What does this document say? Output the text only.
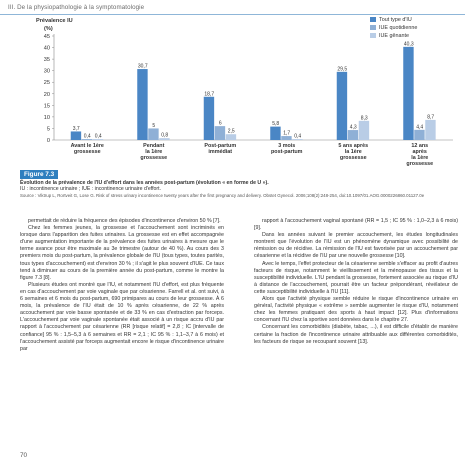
III. De la physiopathologie à la symptomatologie
Prévalence IU
(%)
0
5
10
15
20
25
30
35
40
45
3,7
0,4 0,4
Avant le 1ère
grossesse
30,7
5
0,8
Pendant
la 1ère
grossesse
18,7
6
2,5
Post-partum
immédiat
5,8
1,7
0,4
3 mois
post-partum
29,5
4,3
8,3
5 ans après
la 1ère
grossesse
40,3
4,4
8,7
12 ans
après
la 1ère
grossesse
Tout type d'IU
IUE quotidienne
IUE gênante
Figure 7.3
Évolution de la prévalence de l'IU d'effort dans les années post-partum (évolution « en forme de U »).
IU : incontinence urinaire ; IUE : incontinence urinaire d'effort.
Source : Viktrup L, Rortveit G, Lose G. Risk of stress urinary incontinence twenty years after the first pregnancy and delivery. Obstet Gynecol. 2006;108(2):248-254, doi:10.1097/01.AOG.0000226860.01127.0e

permettait de réduire la fréquence des épisodes d'incontinence d'environ 50 % [7].

Chez les femmes jeunes, la grossesse et l'accouchement sont incriminés en lorsque dans l'apparition des fuites urinaires. La grossesse est en effet accompagnée d'une augmentation importante de la prévalence des fuites urinaires à mesure que le terme avance pour être maximale au 3e trimestre (autour de 40 %). Au cours des 3 premiers mois du post-partum, la prévalence globale de l'IU (tous types, toutes parités, tous types d'accouchement) est d'environ 30 % ; il s'agit le plus souvent d'IUE. Ce taux tend à diminuer au cours de la première année du post-partum, comme le montre la figure 7.3 [8].

Plusieurs études ont montré que l'IU, et notamment l'IU d'effort, est plus fréquente en cas d'accouchement par voie vaginale que par césarienne. Farrell et al. ont suivi, à 6 semaines et 6 mois du post-partum, 690 primipares au cours de leur grossesse. À 6 mois, la prévalence de l'IU était de 10 % après césarienne, de 22 % après accouchement par voie basse spontanée et de 33 % en cas d'extraction par forceps. L'accouchement par voie vaginale spontanée était associé à un risque accru d'IU par rapport à l'accouchement par césarienne (RR [risque relatif] = 2,8 ; IC [intervalle de confiance] 95 % : 1,5–5,3 à 6 semaines et RR = 2,1 ; IC 95 % : 1,1–3,7 à 6 mois) et l'accouchement assisté par forceps augmentait encore le risque d'incontinence urinaire par

rapport à l'accouchement vaginal spontané (RR = 1,5 ; IC 95 % : 1,0–2,3 à 6 mois) [9].

Dans les années suivant le premier accouchement, les études longitudinales montrent que l'évolution de l'IU est un phénomène dynamique avec possibilité de rémission ou de récidive. La rémission de l'IU est favorisée par un accouchement par césarienne et la récidive de l'IU par une nouvelle grossesse [10].

Avec le temps, l'effet protecteur de la césarienne semble s'effacer au profit d'autres facteurs de risque, notamment le vieillissement et la ménopause des tissus et la susceptibilité individuelle. L'IU pendant la grossesse, fortement associée au risque d'IU à distance de l'accouchement, pourrait être un facteur prépondérant, révélateur de cette susceptibilité individuelle à l'IU [11].

Alors que l'activité physique semble réduire le risque d'incontinence urinaire en général, l'activité physique « extrême » semble augmenter le risque d'IU, notamment chez les femmes pratiquant des sports à haut impact [12]. Plus d'informations concernant l'IU chez la sportive sont données dans le chapitre 27.

Concernant les comorbidités (diabète, tabac, ...), il est difficile d'établir de manière certaine la fraction de l'incontinence urinaire attribuable aux différentes comorbidités, les facteurs de risque se recoupant souvent [13].

70
